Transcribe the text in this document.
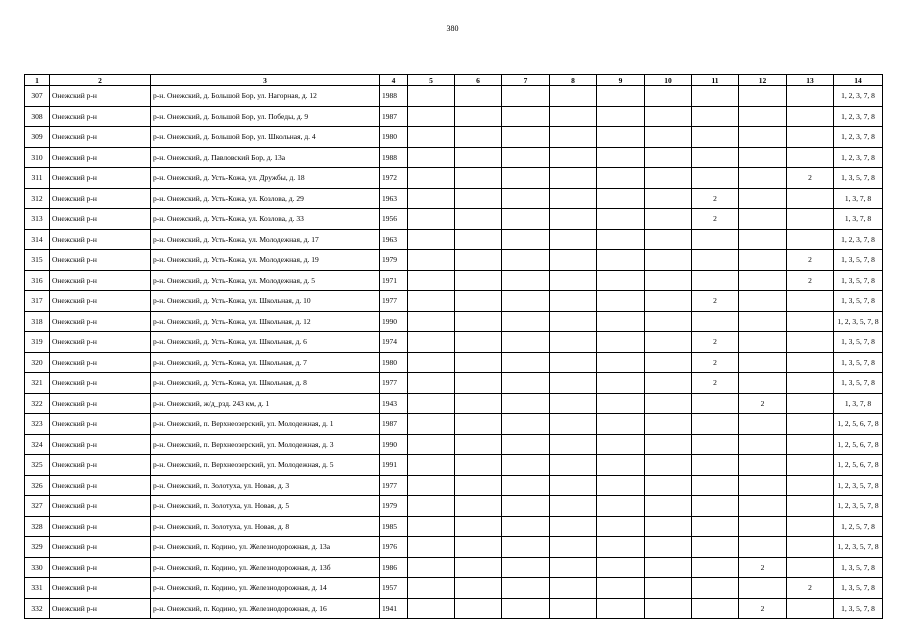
380
1	2	3	4	5	6	7	8	9	10	11	12	13	14
307	Онежский р-н	р-н. Онежский, д. Большой Бор, ул. Нагорная, д. 12	1988										1, 2, 3, 7, 8
308	Онежский р-н	р-н. Онежский, д. Большой Бор, ул. Победы, д. 9	1987										1, 2, 3, 7, 8
309	Онежский р-н	р-н. Онежский, д. Большой Бор, ул. Школьная, д. 4	1980										1, 2, 3, 7, 8
310	Онежский р-н	р-н. Онежский, д. Павловский Бор, д. 13а	1988										1, 2, 3, 7, 8
311	Онежский р-н	р-н. Онежский, д. Усть-Кожа, ул. Дружбы, д. 18	1972									2	1, 3, 5, 7, 8
312	Онежский р-н	р-н. Онежский, д. Усть-Кожа, ул. Козлова, д. 29	1963							2			1, 3, 7, 8
313	Онежский р-н	р-н. Онежский, д. Усть-Кожа, ул. Козлова, д. 33	1956							2			1, 3, 7, 8
314	Онежский р-н	р-н. Онежский, д. Усть-Кожа, ул. Молодежная, д. 17	1963										1, 2, 3, 7, 8
315	Онежский р-н	р-н. Онежский, д. Усть-Кожа, ул. Молодежная, д. 19	1979									2	1, 3, 5, 7, 8
316	Онежский р-н	р-н. Онежский, д. Усть-Кожа, ул. Молодежная, д. 5	1971									2	1, 3, 5, 7, 8
317	Онежский р-н	р-н. Онежский, д. Усть-Кожа, ул. Школьная, д. 10	1977							2			1, 3, 5, 7, 8
318	Онежский р-н	р-н. Онежский, д. Усть-Кожа, ул. Школьная, д. 12	1990										1, 2, 3, 5, 7, 8
319	Онежский р-н	р-н. Онежский, д. Усть-Кожа, ул. Школьная, д. 6	1974							2			1, 3, 5, 7, 8
320	Онежский р-н	р-н. Онежский, д. Усть-Кожа, ул. Школьная, д. 7	1980							2			1, 3, 5, 7, 8
321	Онежский р-н	р-н. Онежский, д. Усть-Кожа, ул. Школьная, д. 8	1977							2			1, 3, 5, 7, 8
322	Онежский р-н	р-н. Онежский, ж/д_рзд. 243 км, д. 1	1943								2		1, 3, 7, 8
323	Онежский р-н	р-н. Онежский, п. Верхнеозерский, ул. Молодежная, д. 1	1987										1, 2, 5, 6, 7, 8
324	Онежский р-н	р-н. Онежский, п. Верхнеозерский, ул. Молодежная, д. 3	1990										1, 2, 5, 6, 7, 8
325	Онежский р-н	р-н. Онежский, п. Верхнеозерский, ул. Молодежная, д. 5	1991										1, 2, 5, 6, 7, 8
326	Онежский р-н	р-н. Онежский, п. Золотуха, ул. Новая, д. 3	1977										1, 2, 3, 5, 7, 8
327	Онежский р-н	р-н. Онежский, п. Золотуха, ул. Новая, д. 5	1979										1, 2, 3, 5, 7, 8
328	Онежский р-н	р-н. Онежский, п. Золотуха, ул. Новая, д. 8	1985										1, 2, 5, 7, 8
329	Онежский р-н	р-н. Онежский, п. Кодино, ул. Железнодорожная, д. 13а	1976										1, 2, 3, 5, 7, 8
330	Онежский р-н	р-н. Онежский, п. Кодино, ул. Железнодорожная, д. 13б	1986								2		1, 3, 5, 7, 8
331	Онежский р-н	р-н. Онежский, п. Кодино, ул. Железнодорожная, д. 14	1957									2	1, 3, 5, 7, 8
332	Онежский р-н	р-н. Онежский, п. Кодино, ул. Железнодорожная, д. 16	1941								2		1, 3, 5, 7, 8
